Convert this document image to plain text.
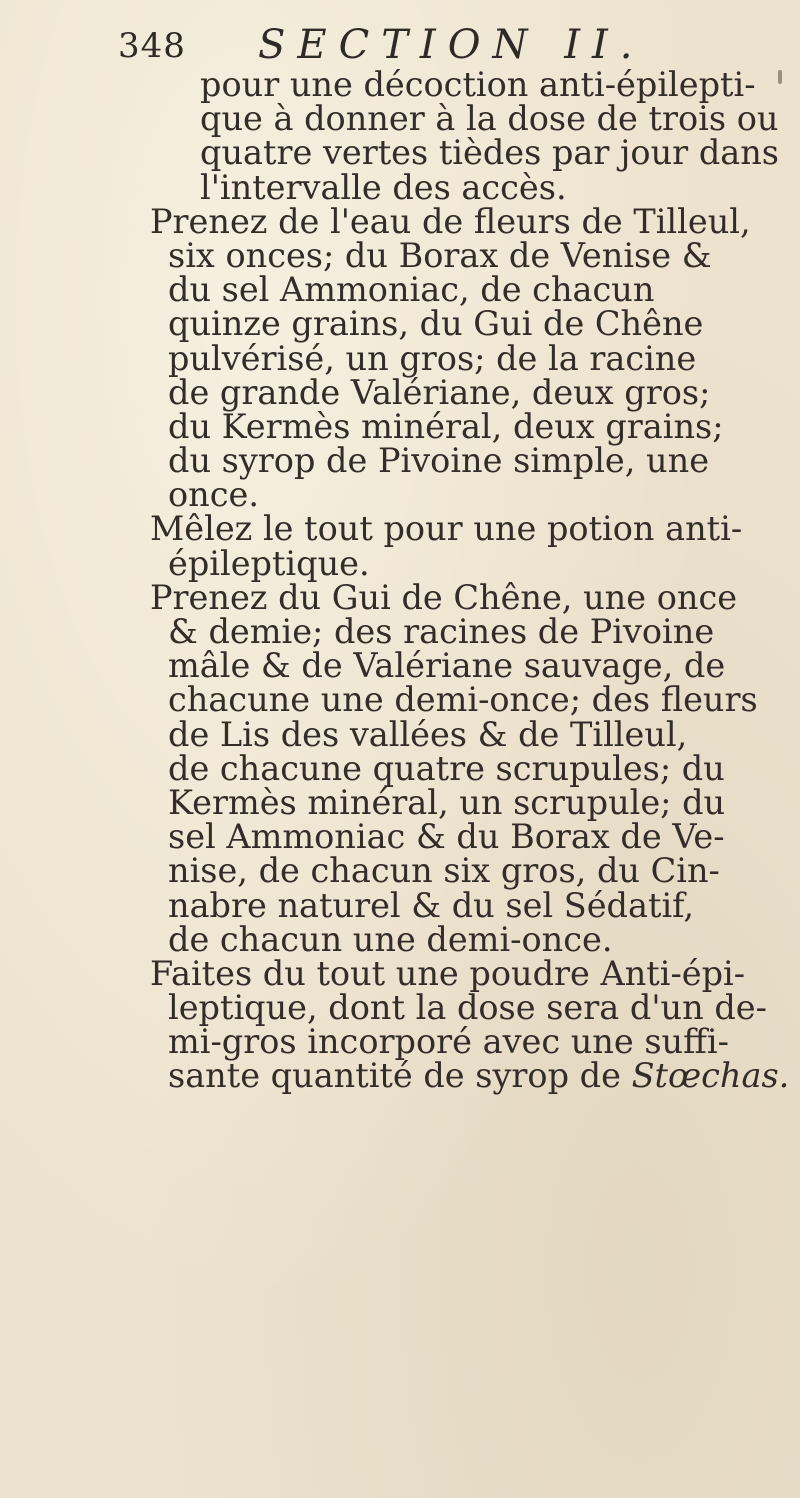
348 SECTION II.
pour une décoction anti-épilepti-
que à donner à la dose de trois ou
quatre vertes tièdes par jour dans
l'intervalle des accès.
Prenez de l'eau de fleurs de Tilleul,
six onces; du Borax de Venise &
du sel Ammoniac, de chacun
quinze grains, du Gui de Chêne
pulvérisé, un gros; de la racine
de grande Valériane, deux gros;
du Kermès minéral, deux grains;
du syrop de Pivoine simple, une
once.
Mêlez le tout pour une potion anti-
épileptique.
Prenez du Gui de Chêne, une once
& demie; des racines de Pivoine
mâle & de Valériane sauvage, de
chacune une demi-once; des fleurs
de Lis des vallées & de Tilleul,
de chacune quatre scrupules; du
Kermès minéral, un scrupule; du
sel Ammoniac & du Borax de Ve-
nise, de chacun six gros, du Cin-
nabre naturel & du sel Sédatif,
de chacun une demi-once.
Faites du tout une poudre Anti-épi-
leptique, dont la dose sera d'un de-
mi-gros incorporé avec une suffi-
sante quantité de syrop de Stœchas.
